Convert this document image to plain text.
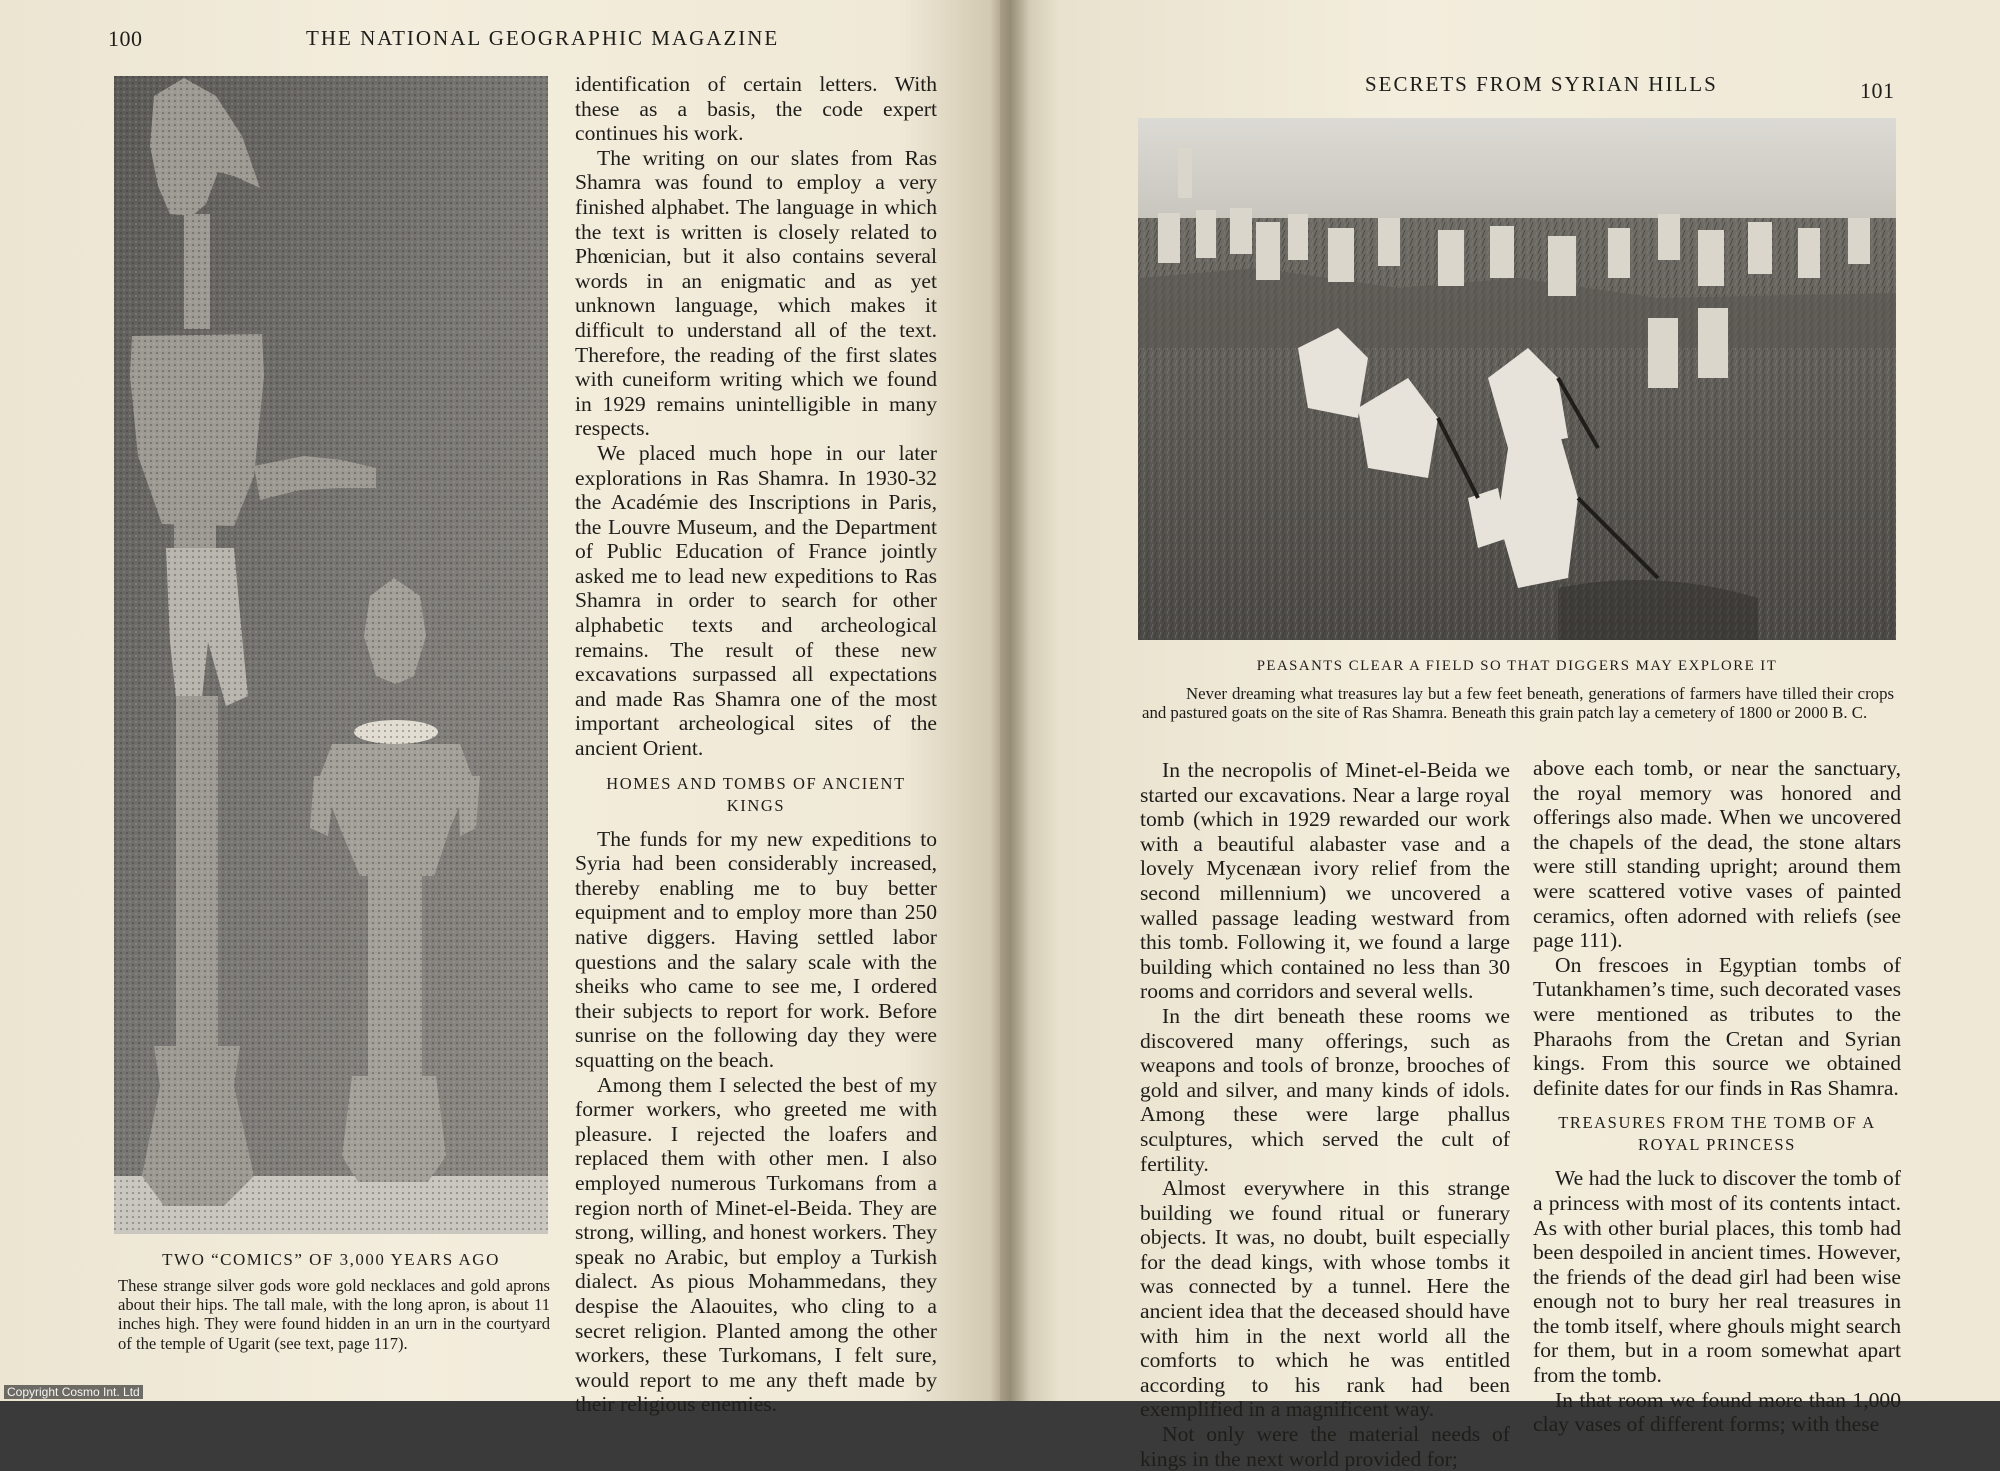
100	THE NATIONAL GEOGRAPHIC MAGAZINE
TWO “COMICS” OF 3,000 YEARS AGO
These strange silver gods wore gold necklaces and gold aprons about their hips. The tall male, with the long apron, is about 11 inches high. They were found hidden in an urn in the courtyard of the temple of Ugarit (see text, page 117).

identification of certain letters. With these as a basis, the code expert continues his work.

The writing on our slates from Ras Shamra was found to employ a very finished alphabet. The language in which the text is written is closely related to Phœnician, but it also contains several words in an enigmatic and as yet unknown language, which makes it difficult to understand all of the text. Therefore, the reading of the first slates with cuneiform writing which we found in 1929 remains unintelligible in many respects.

We placed much hope in our later explorations in Ras Shamra. In 1930-32 the Académie des Inscriptions in Paris, the Louvre Museum, and the Department of Public Education of France jointly asked me to lead new expeditions to Ras Shamra in order to search for other alphabetic texts and archeological remains. The result of these new excavations surpassed all expectations and made Ras Shamra one of the most important archeological sites of the ancient Orient.

HOMES AND TOMBS OF ANCIENT KINGS

The funds for my new expeditions to Syria had been considerably increased, thereby enabling me to buy better equipment and to employ more than 250 native diggers. Having settled labor questions and the salary scale with the sheiks who came to see me, I ordered their subjects to report for work. Before sunrise on the following day they were squatting on the beach.

Among them I selected the best of my former workers, who greeted me with pleasure. I rejected the loafers and replaced them with other men. I also employed numerous Turkomans from a region north of Minet-el-Beida. They are strong, willing, and honest workers. They speak no Arabic, but employ a Turkish dialect. As pious Mohammedans, they despise the Alaouites, who cling to a secret religion. Planted among the other workers, these Turkomans, I felt sure, would report to me any theft made by their religious enemies.

SECRETS FROM SYRIAN HILLS	101
PEASANTS CLEAR A FIELD SO THAT DIGGERS MAY EXPLORE IT
Never dreaming what treasures lay but a few feet beneath, generations of farmers have tilled their crops and pastured goats on the site of Ras Shamra. Beneath this grain patch lay a cemetery of 1800 or 2000 B. C.

In the necropolis of Minet-el-Beida we started our excavations. Near a large royal tomb (which in 1929 rewarded our work with a beautiful alabaster vase and a lovely Mycenæan ivory relief from the second millennium) we uncovered a walled passage leading westward from this tomb. Following it, we found a large building which contained no less than 30 rooms and corridors and several wells.

In the dirt beneath these rooms we discovered many offerings, such as weapons and tools of bronze, brooches of gold and silver, and many kinds of idols. Among these were large phallus sculptures, which served the cult of fertility.

Almost everywhere in this strange building we found ritual or funerary objects. It was, no doubt, built especially for the dead kings, with whose tombs it was connected by a tunnel. Here the ancient idea that the deceased should have with him in the next world all the comforts to which he was entitled according to his rank had been exemplified in a magnificent way.

Not only were the material needs of kings in the next world provided for;

above each tomb, or near the sanctuary, the royal memory was honored and offerings also made. When we uncovered the chapels of the dead, the stone altars were still standing upright; around them were scattered votive vases of painted ceramics, often adorned with reliefs (see page 111).

On frescoes in Egyptian tombs of Tutankhamen’s time, such decorated vases were mentioned as tributes to the Pharaohs from the Cretan and Syrian kings. From this source we obtained definite dates for our finds in Ras Shamra.

TREASURES FROM THE TOMB OF A ROYAL PRINCESS

We had the luck to discover the tomb of a princess with most of its contents intact. As with other burial places, this tomb had been despoiled in ancient times. However, the friends of the dead girl had been wise enough not to bury her real treasures in the tomb itself, where ghouls might search for them, but in a room somewhat apart from the tomb.

In that room we found more than 1,000 clay vases of different forms; with these

Copyright Cosmo Int. Ltd
